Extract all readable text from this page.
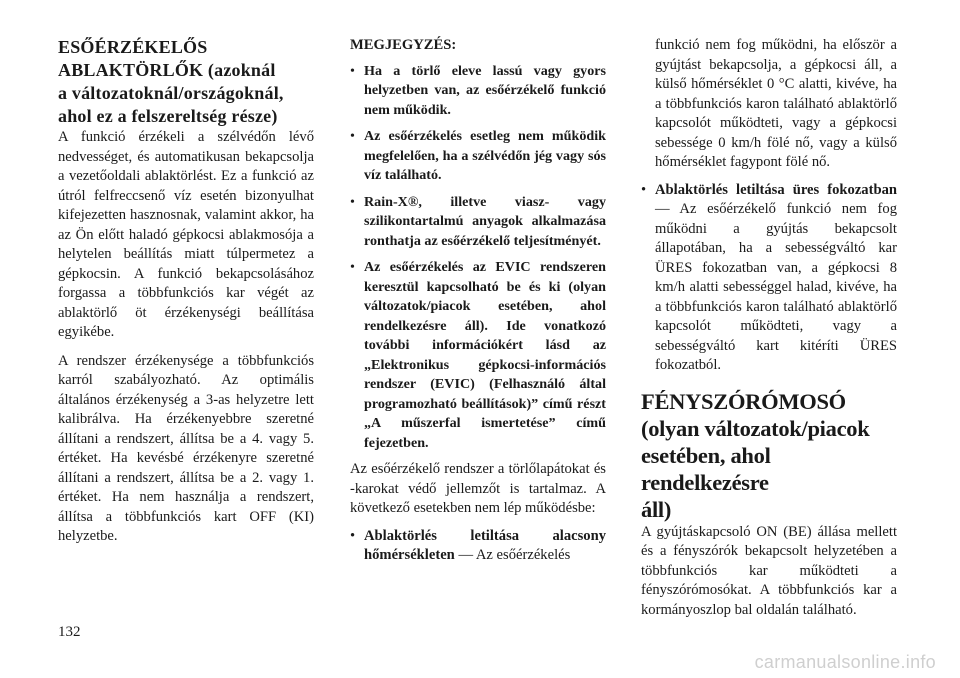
ESŐÉRZÉKELŐS
ABLAKTÖRLŐK (azoknál
a változatoknál/országoknál,
ahol ez a felszereltség része)

A funkció érzékeli a szélvédőn lévő nedvességet, és automatikusan bekapcsolja a vezetőoldali ablaktörlést. Ez a funkció az útról felfreccsenő víz esetén bizonyulhat kifejezetten hasznosnak, valamint akkor, ha az Ön előtt haladó gépkocsi ablakmosója a helytelen beállítás miatt túlpermetez a gépkocsin. A funkció bekapcsolásához forgassa a többfunkciós kar végét az ablaktörlő öt érzékenységi beállítása egyikébe.

A rendszer érzékenysége a többfunkciós karról szabályozható. Az optimális általános érzékenység a 3-as helyzetre lett kalibrálva. Ha érzékenyebbre szeretné állítani a rendszert, állítsa be a 4. vagy 5. értéket. Ha kevésbé érzékenyre szeretné állítani a rendszert, állítsa be a 2. vagy 1. értéket. Ha nem használja a rendszert, állítsa a többfunkciós kart OFF (KI) helyzetbe.

MEGJEGYZÉS:

• Ha a törlő eleve lassú vagy gyors helyzetben van, az esőérzékelő funkció nem működik.
• Az esőérzékelés esetleg nem működik megfelelően, ha a szélvédőn jég vagy sós víz található.
• Rain-X®, illetve viasz- vagy szilikontartalmú anyagok alkalmazása ronthatja az esőérzékelő teljesítményét.
• Az esőérzékelés az EVIC rendszeren keresztül kapcsolható be és ki (olyan változatok/piacok esetében, ahol rendelkezésre áll). Ide vonatkozó további információkért lásd az „Elektronikus gépkocsi-információs rendszer (EVIC) (Felhasználó által programozható beállítások)” című részt „A műszerfal ismertetése” című fejezetben.

Az esőérzékelő rendszer a törlőlapátokat és -karokat védő jellemzőt is tartalmaz. A következő esetekben nem lép működésbe:

• Ablaktörlés letiltása alacsony hőmérsékleten — Az esőérzékelés

funkció nem fog működni, ha először a gyújtást bekapcsolja, a gépkocsi áll, a külső hőmérséklet 0 °C alatti, kivéve, ha a többfunkciós karon található ablaktörlő kapcsolót működteti, vagy a gépkocsi sebessége 0 km/h fölé nő, vagy a külső hőmérséklet fagypont fölé nő.

• Ablaktörlés letiltása üres fokozatban — Az esőérzékelő funkció nem fog működni a gyújtás bekapcsolt állapotában, ha a sebességváltó kar ÜRES fokozatban van, a gépkocsi 8 km/h alatti sebességgel halad, kivéve, ha a többfunkciós karon található ablaktörlő kapcsolót működteti, vagy a sebességváltó kart kitéríti ÜRES fokozatból.
FÉNYSZÓRÓMOSÓ
(olyan változatok/piacok
esetében, ahol rendelkezésre
áll)

A gyújtáskapcsoló ON (BE) állása mellett és a fényszórók bekapcsolt helyzetében a többfunkciós kar működteti a fényszórómosókat. A többfunkciós kar a kormányoszlop bal oldalán található.

132
carmanualsonline.info
